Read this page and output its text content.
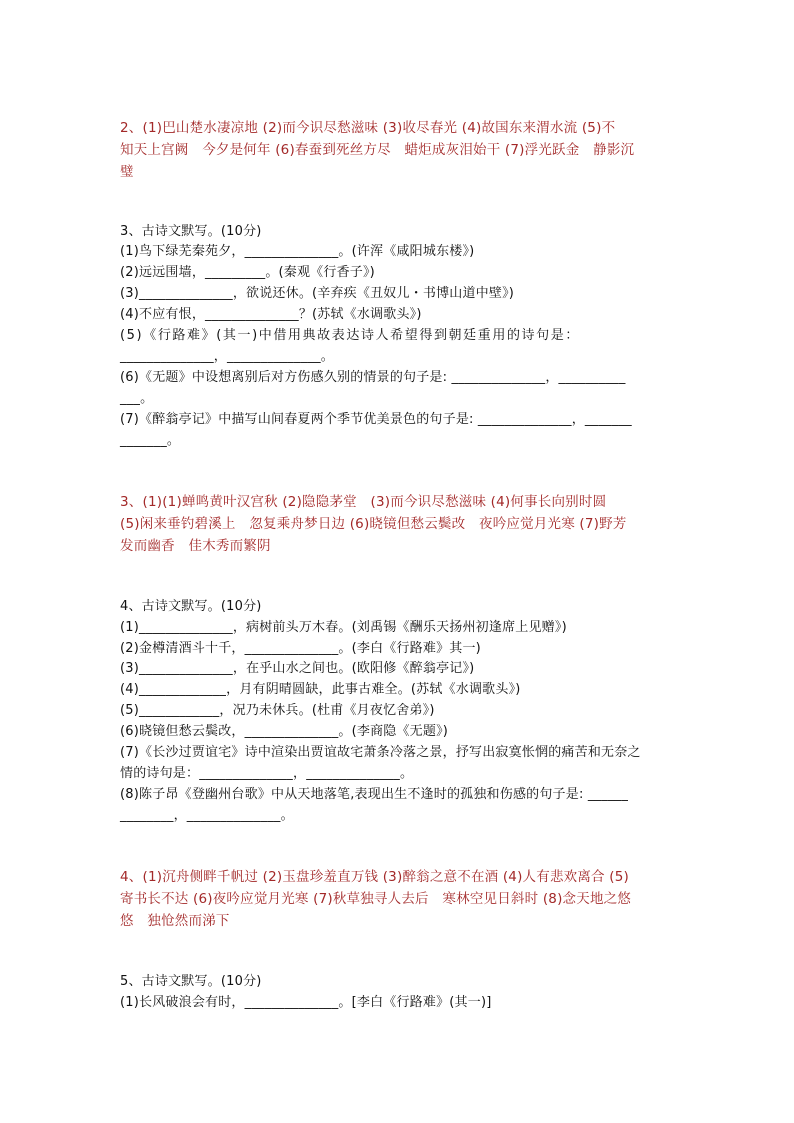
2、(1)巴山楚水凄凉地 (2)而今识尽愁滋味 (3)收尽春光 (4)故国东来渭水流 (5)不
知天上宫阙　今夕是何年 (6)春蚕到死丝方尽　蜡炬成灰泪始干 (7)浮光跃金　静影沉
璧
3、古诗文默写。(10分)
(1)鸟下绿芜秦苑夕，______________。(许浑《咸阳城东楼》)
(2)远远围墙，_________。(秦观《行香子》)
(3)______________，欲说还休。(辛弃疾《丑奴儿・书博山道中壁》)
(4)不应有恨，______________？(苏轼《水调歌头》)
(5)《行路难》(其一)中借用典故表达诗人希望得到朝廷重用的诗句是：
______________，______________。
(6)《无题》中设想离别后对方伤感久别的情景的句子是: ______________，__________
___。
(7)《醉翁亭记》中描写山间春夏两个季节优美景色的句子是: ______________，_______
_______。
3、(1)(1)蝉鸣黄叶汉宫秋 (2)隐隐茅堂　(3)而今识尽愁滋味 (4)何事长向别时圆
(5)闲来垂钓碧溪上　忽复乘舟梦日边 (6)晓镜但愁云鬓改　夜吟应觉月光寒 (7)野芳
发而幽香　佳木秀而繁阴
4、古诗文默写。(10分)
(1)______________，病树前头万木春。(刘禹锡《酬乐天扬州初逢席上见赠》)
(2)金樽清酒斗十千，______________。(李白《行路难》其一)
(3)______________，在乎山水之间也。(欧阳修《醉翁亭记》)
(4)_____________，月有阴晴圆缺，此事古难全。(苏轼《水调歌头》)
(5)____________，况乃未休兵。(杜甫《月夜忆舍弟》)
(6)晓镜但愁云鬓改，______________。(李商隐《无题》)
(7)《长沙过贾谊宅》诗中渲染出贾谊故宅萧条冷落之景，抒写出寂寞怅惘的痛苦和无奈之
情的诗句是：______________，______________。
(8)陈子昂《登幽州台歌》中从天地落笔,表现出生不逢时的孤独和伤感的句子是: ______
________，______________。
4、(1)沉舟侧畔千帆过 (2)玉盘珍羞直万钱 (3)醉翁之意不在酒 (4)人有悲欢离合 (5)
寄书长不达 (6)夜吟应觉月光寒 (7)秋草独寻人去后　寒林空见日斜时 (8)念天地之悠
悠　独怆然而涕下
5、古诗文默写。(10分)
(1)长风破浪会有时，______________。[李白《行路难》(其一)]
